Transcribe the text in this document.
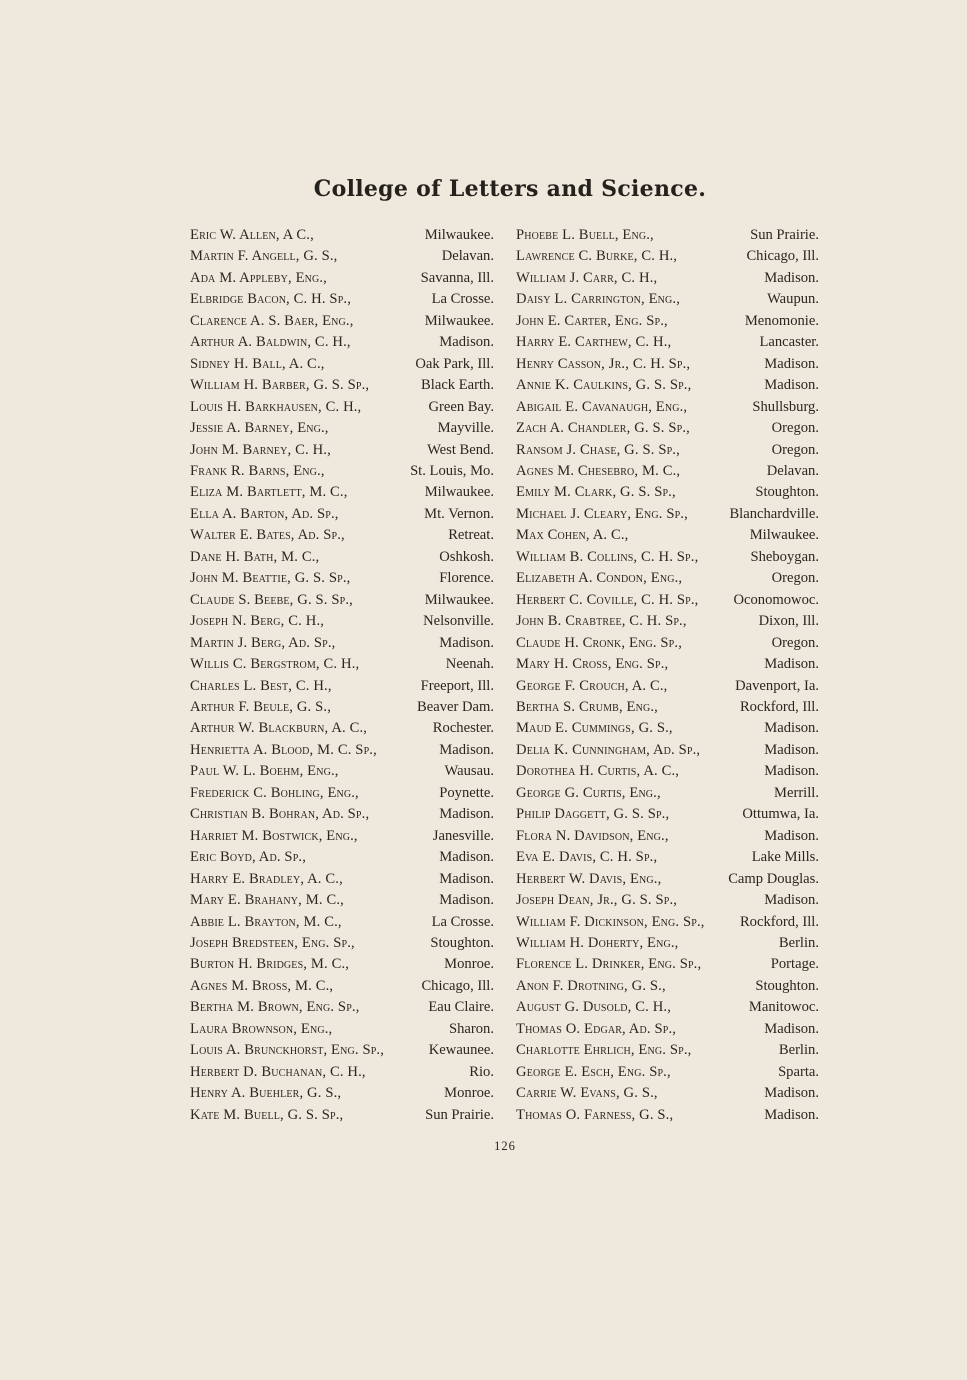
College of Letters and Science.
Eric W. Allen, A C.,	Milwaukee.
Martin F. Angell, G. S.,	Delavan.
Ada M. Appleby, Eng.,	Savanna, Ill.
Elbridge Bacon, C. H. Sp.,	La Crosse.
Clarence A. S. Baer, Eng.,	Milwaukee.
Arthur A. Baldwin, C. H.,	Madison.
Sidney H. Ball, A. C.,	Oak Park, Ill.
William H. Barber, G. S. Sp.,	Black Earth.
Louis H. Barkhausen, C. H.,	Green Bay.
Jessie A. Barney, Eng.,	Mayville.
John M. Barney, C. H.,	West Bend.
Frank R. Barns, Eng.,	St. Louis, Mo.
Eliza M. Bartlett, M. C.,	Milwaukee.
Ella A. Barton, Ad. Sp.,	Mt. Vernon.
Walter E. Bates, Ad. Sp.,	Retreat.
Dane H. Bath, M. C.,	Oshkosh.
John M. Beattie, G. S. Sp.,	Florence.
Claude S. Beebe, G. S. Sp.,	Milwaukee.
Joseph N. Berg, C. H.,	Nelsonville.
Martin J. Berg, Ad. Sp.,	Madison.
Willis C. Bergstrom, C. H.,	Neenah.
Charles L. Best, C. H.,	Freeport, Ill.
Arthur F. Beule, G. S.,	Beaver Dam.
Arthur W. Blackburn, A. C.,	Rochester.
Henrietta A. Blood, M. C. Sp.,	Madison.
Paul W. L. Boehm, Eng.,	Wausau.
Frederick C. Bohling, Eng.,	Poynette.
Christian B. Bohran, Ad. Sp.,	Madison.
Harriet M. Bostwick, Eng.,	Janesville.
Eric Boyd, Ad. Sp.,	Madison.
Harry E. Bradley, A. C.,	Madison.
Mary E. Brahany, M. C.,	Madison.
Abbie L. Brayton, M. C.,	La Crosse.
Joseph Bredsteen, Eng. Sp.,	Stoughton.
Burton H. Bridges, M. C.,	Monroe.
Agnes M. Bross, M. C.,	Chicago, Ill.
Bertha M. Brown, Eng. Sp.,	Eau Claire.
Laura Brownson, Eng.,	Sharon.
Louis A. Brunckhorst, Eng. Sp.,	Kewaunee.
Herbert D. Buchanan, C. H.,	Rio.
Henry A. Buehler, G. S.,	Monroe.
Kate M. Buell, G. S. Sp.,	Sun Prairie.
Phoebe L. Buell, Eng.,	Sun Prairie.
Lawrence C. Burke, C. H.,	Chicago, Ill.
William J. Carr, C. H.,	Madison.
Daisy L. Carrington, Eng.,	Waupun.
John E. Carter, Eng. Sp.,	Menomonie.
Harry E. Carthew, C. H.,	Lancaster.
Henry Casson, Jr., C. H. Sp.,	Madison.
Annie K. Caulkins, G. S. Sp.,	Madison.
Abigail E. Cavanaugh, Eng.,	Shullsburg.
Zach A. Chandler, G. S. Sp.,	Oregon.
Ransom J. Chase, G. S. Sp.,	Oregon.
Agnes M. Chesebro, M. C.,	Delavan.
Emily M. Clark, G. S. Sp.,	Stoughton.
Michael J. Cleary, Eng. Sp.,	Blanchardville.
Max Cohen, A. C.,	Milwaukee.
William B. Collins, C. H. Sp.,	Sheboygan.
Elizabeth A. Condon, Eng.,	Oregon.
Herbert C. Coville, C. H. Sp., Oconomowoc.
John B. Crabtree, C. H. Sp.,	Dixon, Ill.
Claude H. Cronk, Eng. Sp.,	Oregon.
Mary H. Cross, Eng. Sp.,	Madison.
George F. Crouch, A. C.,	Davenport, Ia.
Bertha S. Crumb, Eng.,	Rockford, Ill.
Maud E. Cummings, G. S.,	Madison.
Delia K. Cunningham, Ad. Sp.,	Madison.
Dorothea H. Curtis, A. C.,	Madison.
George G. Curtis, Eng.,	Merrill.
Philip Daggett, G. S. Sp.,	Ottumwa, Ia.
Flora N. Davidson, Eng.,	Madison.
Eva E. Davis, C. H. Sp.,	Lake Mills.
Herbert W. Davis, Eng.,	Camp Douglas.
Joseph Dean, Jr., G. S. Sp.,	Madison.
William F. Dickinson, Eng. Sp., Rockford, Ill.
William H. Doherty, Eng.,	Berlin.
Florence L. Drinker, Eng. Sp.,	Portage.
Anon F. Drotning, G. S.,	Stoughton.
August G. Dusold, C. H.,	Manitowoc.
Thomas O. Edgar, Ad. Sp.,	Madison.
Charlotte Ehrlich, Eng. Sp.,	Berlin.
George E. Esch, Eng. Sp.,	Sparta.
Carrie W. Evans, G. S.,	Madison.
Thomas O. Farness, G. S.,	Madison.
126
